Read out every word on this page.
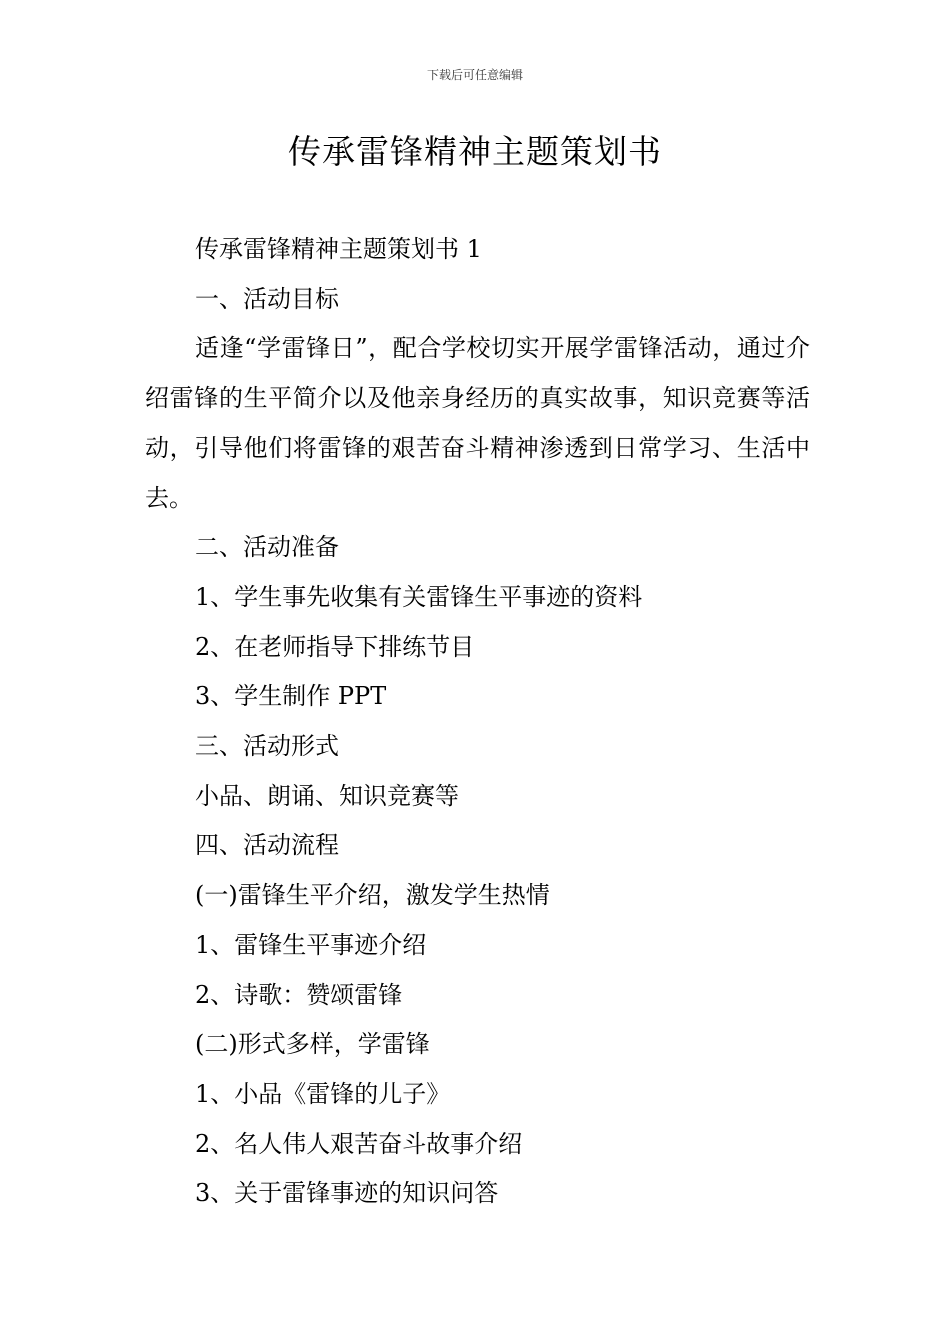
下载后可任意编辑
传承雷锋精神主题策划书

传承雷锋精神主题策划书 1

一、活动目标

适逢“学雷锋日”，配合学校切实开展学雷锋活动，通过介绍雷锋的生平简介以及他亲身经历的真实故事，知识竞赛等活动，引导他们将雷锋的艰苦奋斗精神渗透到日常学习、生活中去。

二、活动准备

1、学生事先收集有关雷锋生平事迹的资料

2、在老师指导下排练节目

3、学生制作 PPT

三、活动形式

小品、朗诵、知识竞赛等

四、活动流程

(一)雷锋生平介绍，激发学生热情

1、雷锋生平事迹介绍

2、诗歌：赞颂雷锋

(二)形式多样，学雷锋

1、小品《雷锋的儿子》

2、名人伟人艰苦奋斗故事介绍

3、关于雷锋事迹的知识问答
